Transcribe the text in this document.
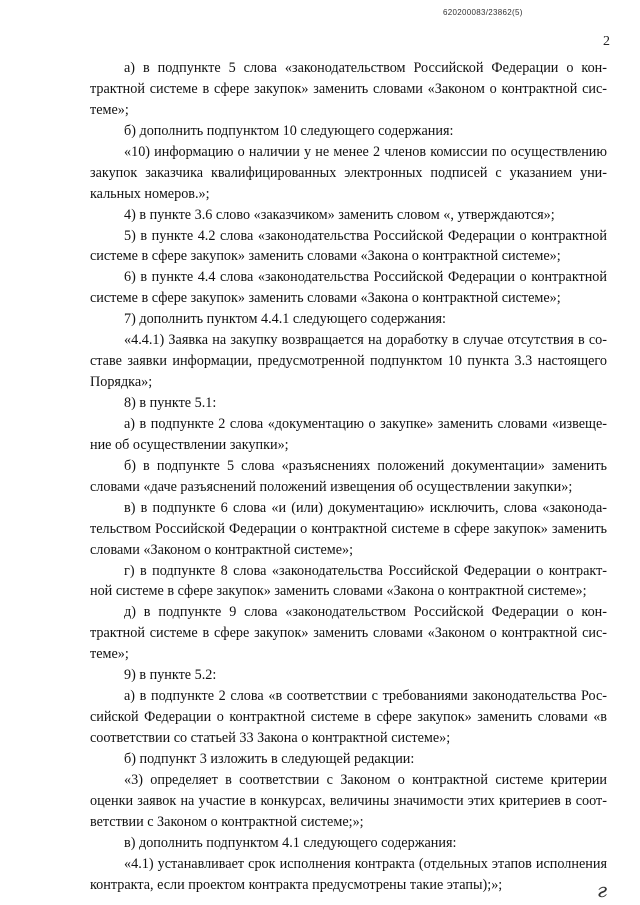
620200083/23862(5)
2
а) в подпункте 5 слова «законодательством Российской Федерации о кон-
трактной системе в сфере закупок» заменить словами «Законом о контрактной сис-
теме»;
б) дополнить подпунктом 10 следующего содержания:
«10) информацию о наличии у не менее 2 членов комиссии по осуществлению
закупок заказчика квалифицированных электронных подписей с указанием уни-
кальных номеров.»;
4) в пункте 3.6 слово «заказчиком» заменить словом «, утверждаются»;
5) в пункте 4.2 слова «законодательства Российской Федерации о контрактной
системе в сфере закупок» заменить словами «Закона о контрактной системе»;
6) в пункте 4.4 слова «законодательства Российской Федерации о контрактной
системе в сфере закупок» заменить словами «Закона о контрактной системе»;
7) дополнить пунктом 4.4.1 следующего содержания:
«4.4.1) Заявка на закупку возвращается на доработку в случае отсутствия в со-
ставе заявки информации, предусмотренной подпунктом 10 пункта 3.3 настоящего
Порядка»;
8) в пункте 5.1:
а) в подпункте 2 слова «документацию о закупке» заменить словами «извеще-
ние об осуществлении закупки»;
б) в подпункте 5 слова «разъяснениях положений документации» заменить
словами «даче разъяснений положений извещения об осуществлении закупки»;
в) в подпункте 6 слова «и (или) документацию» исключить, слова «законода-
тельством Российской Федерации о контрактной системе в сфере закупок» заменить
словами «Законом о контрактной системе»;
г) в подпункте 8 слова «законодательства Российской Федерации о контракт-
ной системе в сфере закупок» заменить словами «Закона о контрактной системе»;
д) в подпункте 9 слова «законодательством Российской Федерации о кон-
трактной системе в сфере закупок» заменить словами «Законом о контрактной сис-
теме»;
9) в пункте 5.2:
а) в подпункте 2 слова «в соответствии с требованиями законодательства Рос-
сийской Федерации о контрактной системе в сфере закупок» заменить словами «в
соответствии со статьей 33 Закона о контрактной системе»;
б) подпункт 3 изложить в следующей редакции:
«3) определяет в соответствии с Законом о контрактной системе критерии
оценки заявок на участие в конкурсах, величины значимости этих критериев в соот-
ветствии с Законом о контрактной системе;»;
в) дополнить подпунктом 4.1 следующего содержания:
«4.1) устанавливает срок исполнения контракта (отдельных этапов исполнения
контракта, если проектом контракта предусмотрены такие этапы);»;	г
